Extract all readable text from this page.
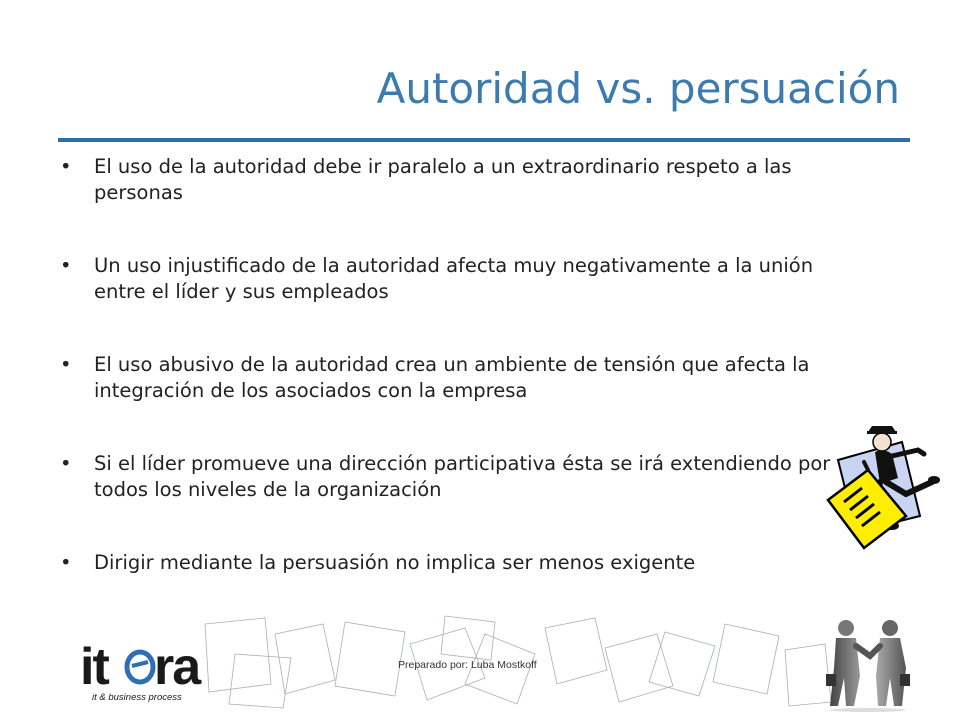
Autoridad vs. persuación
• El uso de la autoridad debe ir paralelo a un extraordinario respeto a las personas
• Un uso injustificado de la autoridad afecta muy negativamente a la unión entre el líder y sus empleados
• El uso abusivo de la autoridad crea un ambiente de tensión que afecta la integración de los asociados con la empresa
• Si el líder promueve una dirección participativa ésta se irá extendiendo por todos los niveles de la organización
• Dirigir mediante la persuasión no implica ser menos exigente
Preparado por: Luba Mostkoff
it ra
it & business process
